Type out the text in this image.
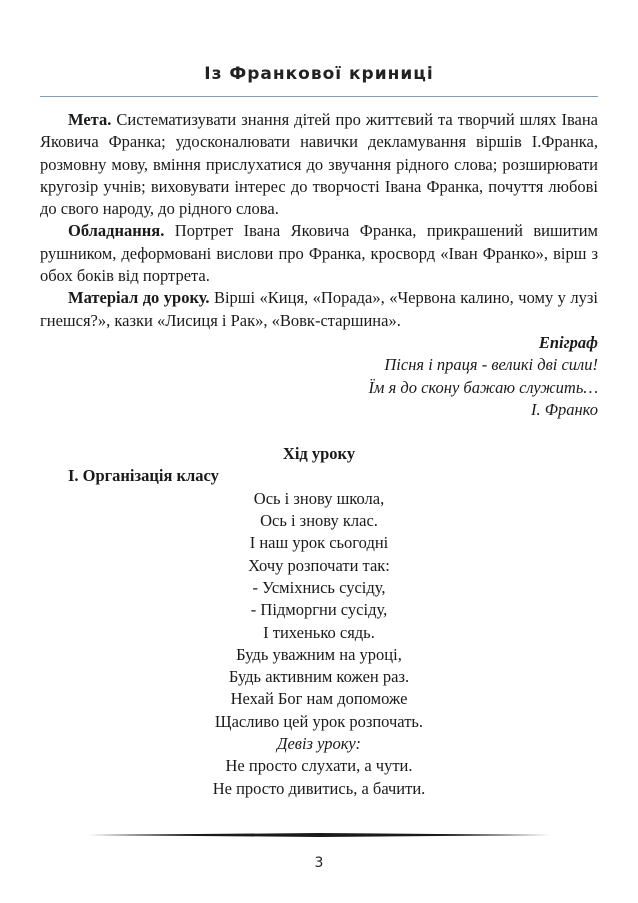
Із Франкової криниці

Мета. Систематизувати знання дітей про життєвий та творчий шлях Івана Яковича Франка; удосконалювати навички декламування віршів І.Франка, розмовну мову, вміння прислухатися до звучання рідного слова; розширювати кругозір учнів; виховувати інтерес до творчості Івана Франка, почуття любові до свого народу, до рідного слова.

Обладнання. Портрет Івана Яковича Франка, прикрашений вишитим рушником, деформовані вислови про Франка, кросворд «Іван Франко», вірш з обох боків від портрета.

Матеріал до уроку. Вірші «Киця, «Порада», «Червона калино, чому у лузі гнешся?», казки «Лисиця і Рак», «Вовк-старшина».

Епіграф

Пісня і праця - великі дві сили!

Їм я до скону бажаю служить…

І. Франко

Хід уроку

І. Організація класу

Ось і знову школа,

Ось і знову клас.

І наш урок сьогодні

Хочу розпочати так:

- Усміхнись сусіду,

- Підморгни сусіду,

І тихенько сядь.

Будь уважним на уроці,

Будь активним кожен раз.

Нехай Бог нам допоможе

Щасливо цей урок розпочать.

Девіз уроку:

Не просто слухати, а чути.

Не просто дивитись, а бачити.

3
